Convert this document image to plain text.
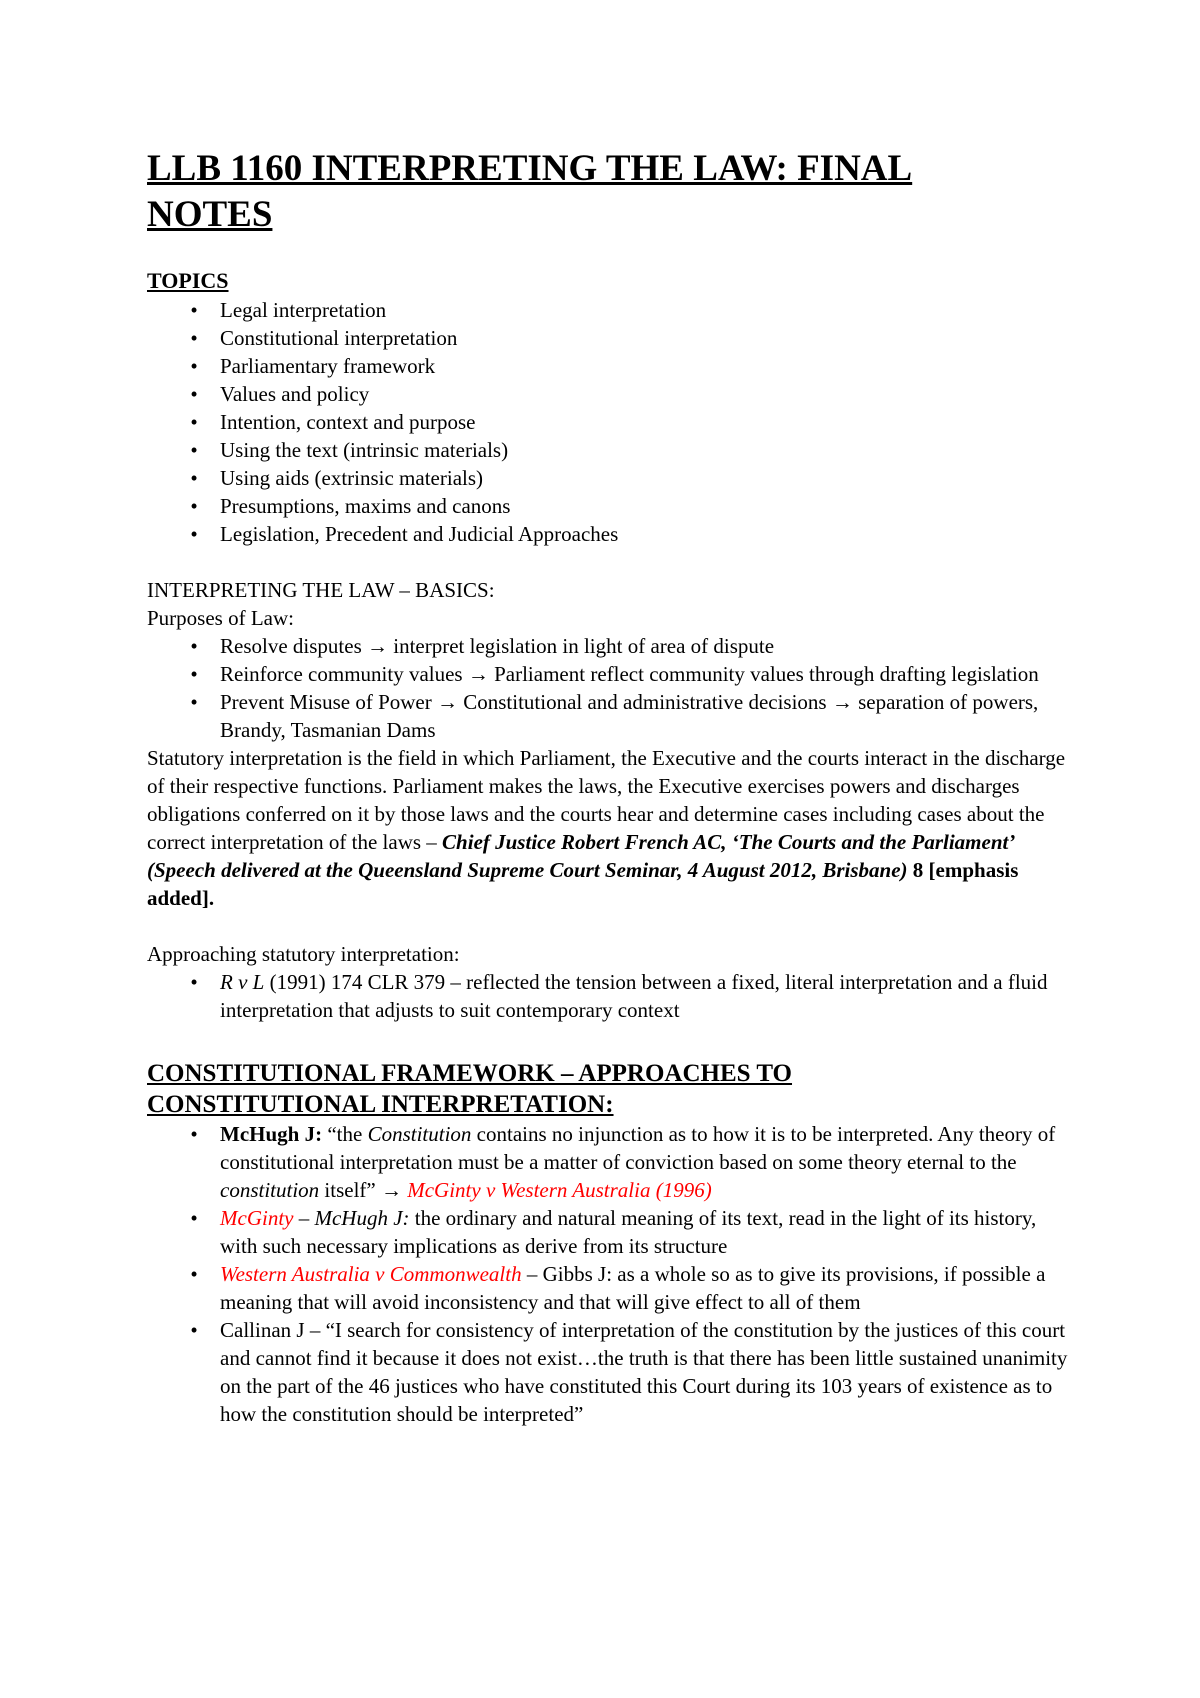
LLB 1160 INTERPRETING THE LAW: FINAL
NOTES

TOPICS

• Legal interpretation
• Constitutional interpretation
• Parliamentary framework
• Values and policy
• Intention, context and purpose
• Using the text (intrinsic materials)
• Using aids (extrinsic materials)
• Presumptions, maxims and canons
• Legislation, Precedent and Judicial Approaches

INTERPRETING THE LAW – BASICS:

Purposes of Law:

• Resolve disputes → interpret legislation in light of area of dispute
• Reinforce community values → Parliament reflect community values through drafting legislation
• Prevent Misuse of Power → Constitutional and administrative decisions → separation of powers, Brandy, Tasmanian Dams

Statutory interpretation is the field in which Parliament, the Executive and the courts interact in the discharge of their respective functions. Parliament makes the laws, the Executive exercises powers and discharges obligations conferred on it by those laws and the courts hear and determine cases including cases about the correct interpretation of the laws – Chief Justice Robert French AC, ‘The Courts and the Parliament’ (Speech delivered at the Queensland Supreme Court Seminar, 4 August 2012, Brisbane) 8 [emphasis added].

Approaching statutory interpretation:

• R v L (1991) 174 CLR 379 – reflected the tension between a fixed, literal interpretation and a fluid interpretation that adjusts to suit contemporary context
CONSTITUTIONAL FRAMEWORK – APPROACHES TO
CONSTITUTIONAL INTERPRETATION:
• McHugh J: “the Constitution contains no injunction as to how it is to be interpreted. Any theory of constitutional interpretation must be a matter of conviction based on some theory eternal to the constitution itself” → McGinty v Western Australia (1996)
• McGinty – McHugh J: the ordinary and natural meaning of its text, read in the light of its history, with such necessary implications as derive from its structure
• Western Australia v Commonwealth – Gibbs J: as a whole so as to give its provisions, if possible a meaning that will avoid inconsistency and that will give effect to all of them
• Callinan J – “I search for consistency of interpretation of the constitution by the justices of this court and cannot find it because it does not exist…the truth is that there has been little sustained unanimity on the part of the 46 justices who have constituted this Court during its 103 years of existence as to how the constitution should be interpreted”
